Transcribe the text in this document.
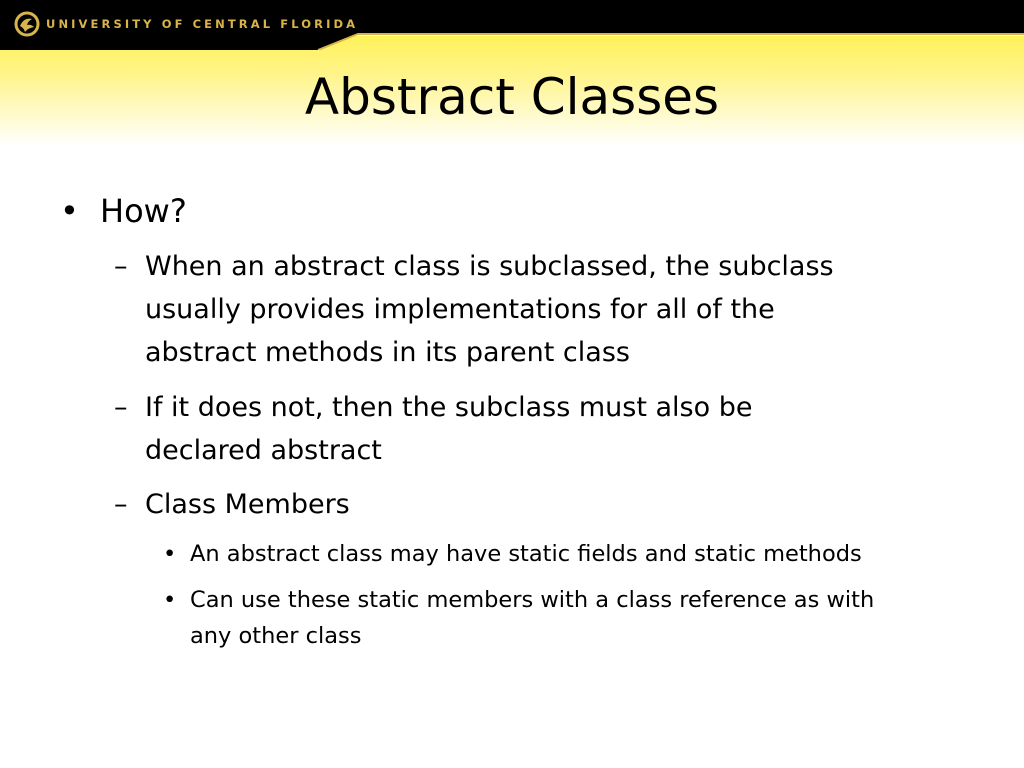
UNIVERSITY OF CENTRAL FLORIDA
Abstract Classes
• How?
– When an abstract class is subclassed, the subclass
usually provides implementations for all of the
abstract methods in its parent class
– If it does not, then the subclass must also be
declared abstract
– Class Members
• An abstract class may have static fields and static methods
• Can use these static members with a class reference as with
any other class
